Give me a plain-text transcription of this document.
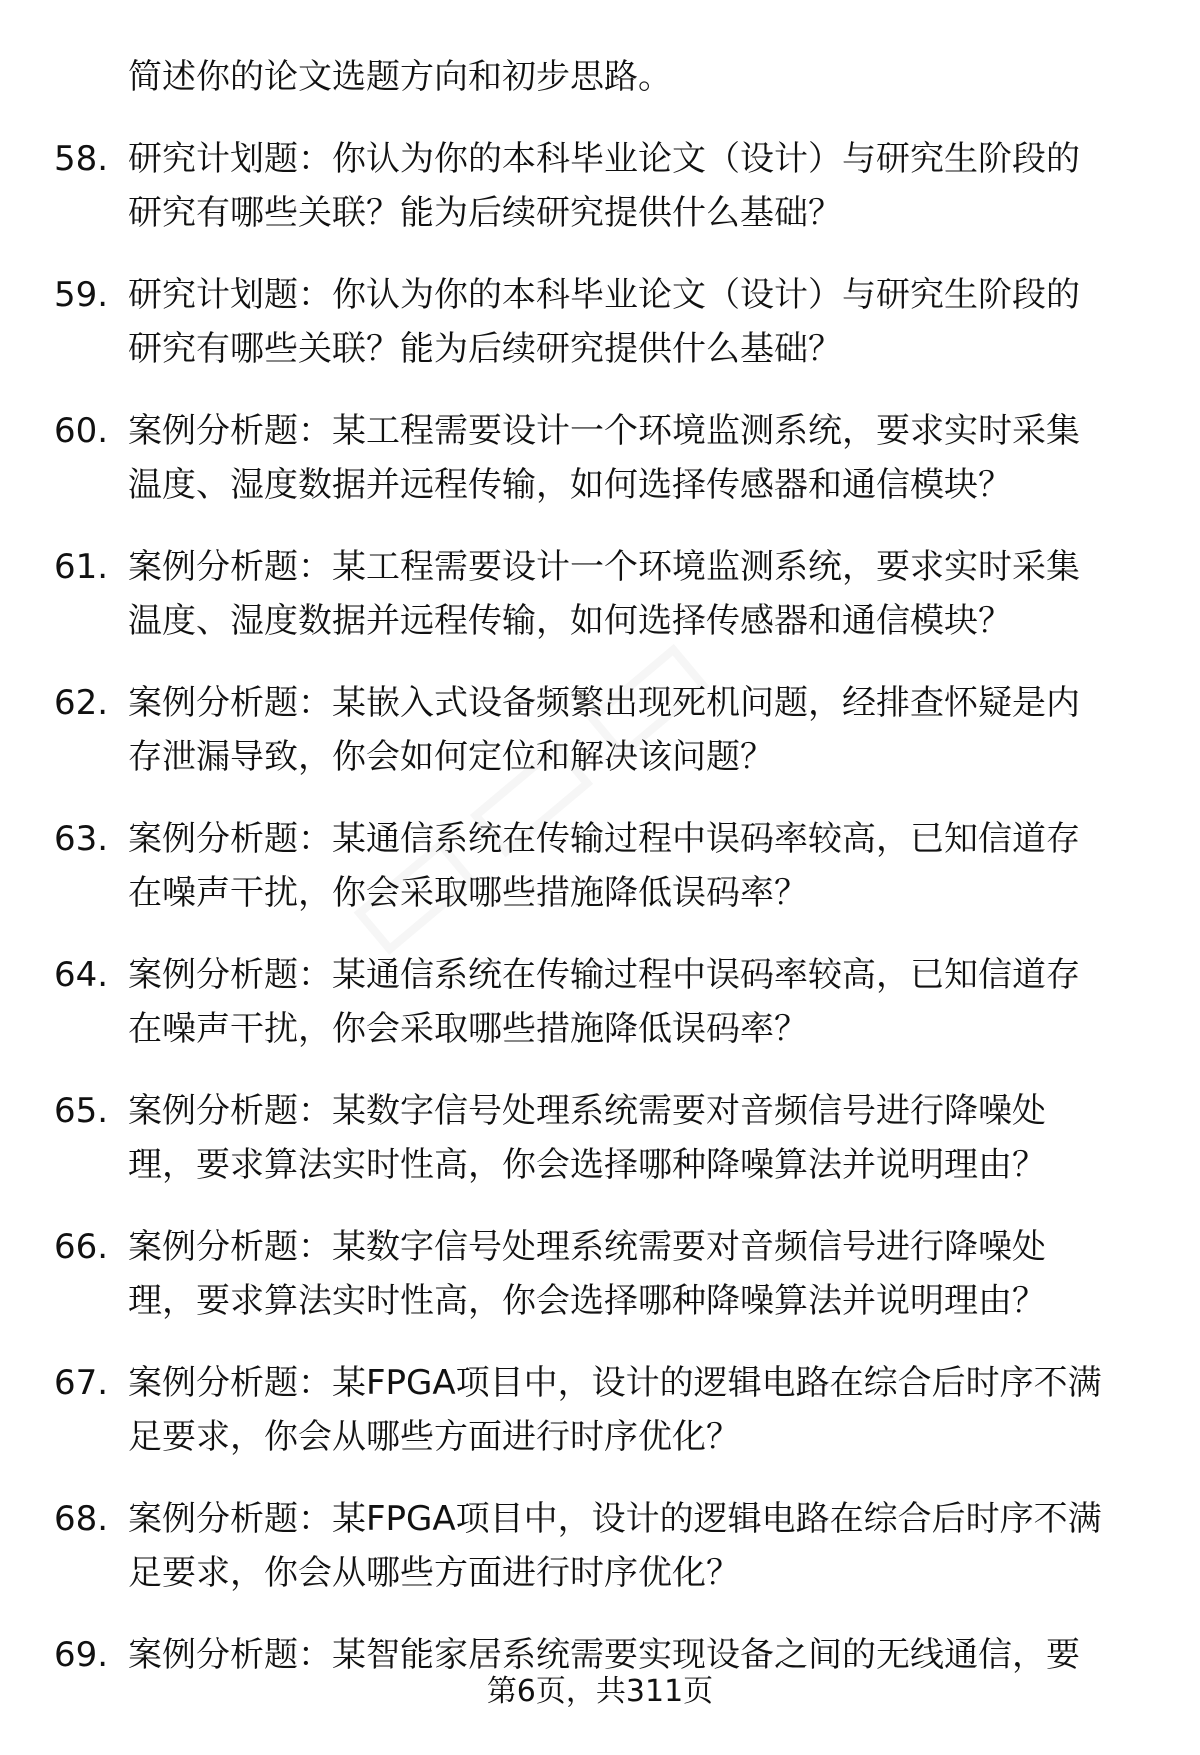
简述你的论文选题方向和初步思路。
58. 研究计划题：你认为你的本科毕业论文（设计）与研究生阶段的
研究有哪些关联？能为后续研究提供什么基础？
59. 研究计划题：你认为你的本科毕业论文（设计）与研究生阶段的
研究有哪些关联？能为后续研究提供什么基础？
60. 案例分析题：某工程需要设计一个环境监测系统，要求实时采集
温度、湿度数据并远程传输，如何选择传感器和通信模块？
61. 案例分析题：某工程需要设计一个环境监测系统，要求实时采集
温度、湿度数据并远程传输，如何选择传感器和通信模块？
62. 案例分析题：某嵌入式设备频繁出现死机问题，经排查怀疑是内
存泄漏导致，你会如何定位和解决该问题？
63. 案例分析题：某通信系统在传输过程中误码率较高，已知信道存
在噪声干扰，你会采取哪些措施降低误码率？
64. 案例分析题：某通信系统在传输过程中误码率较高，已知信道存
在噪声干扰，你会采取哪些措施降低误码率？
65. 案例分析题：某数字信号处理系统需要对音频信号进行降噪处
理，要求算法实时性高，你会选择哪种降噪算法并说明理由？
66. 案例分析题：某数字信号处理系统需要对音频信号进行降噪处
理，要求算法实时性高，你会选择哪种降噪算法并说明理由？
67. 案例分析题：某FPGA项目中，设计的逻辑电路在综合后时序不满
足要求，你会从哪些方面进行时序优化？
68. 案例分析题：某FPGA项目中，设计的逻辑电路在综合后时序不满
足要求，你会从哪些方面进行时序优化？
69. 案例分析题：某智能家居系统需要实现设备之间的无线通信，要
第6页，共311页
